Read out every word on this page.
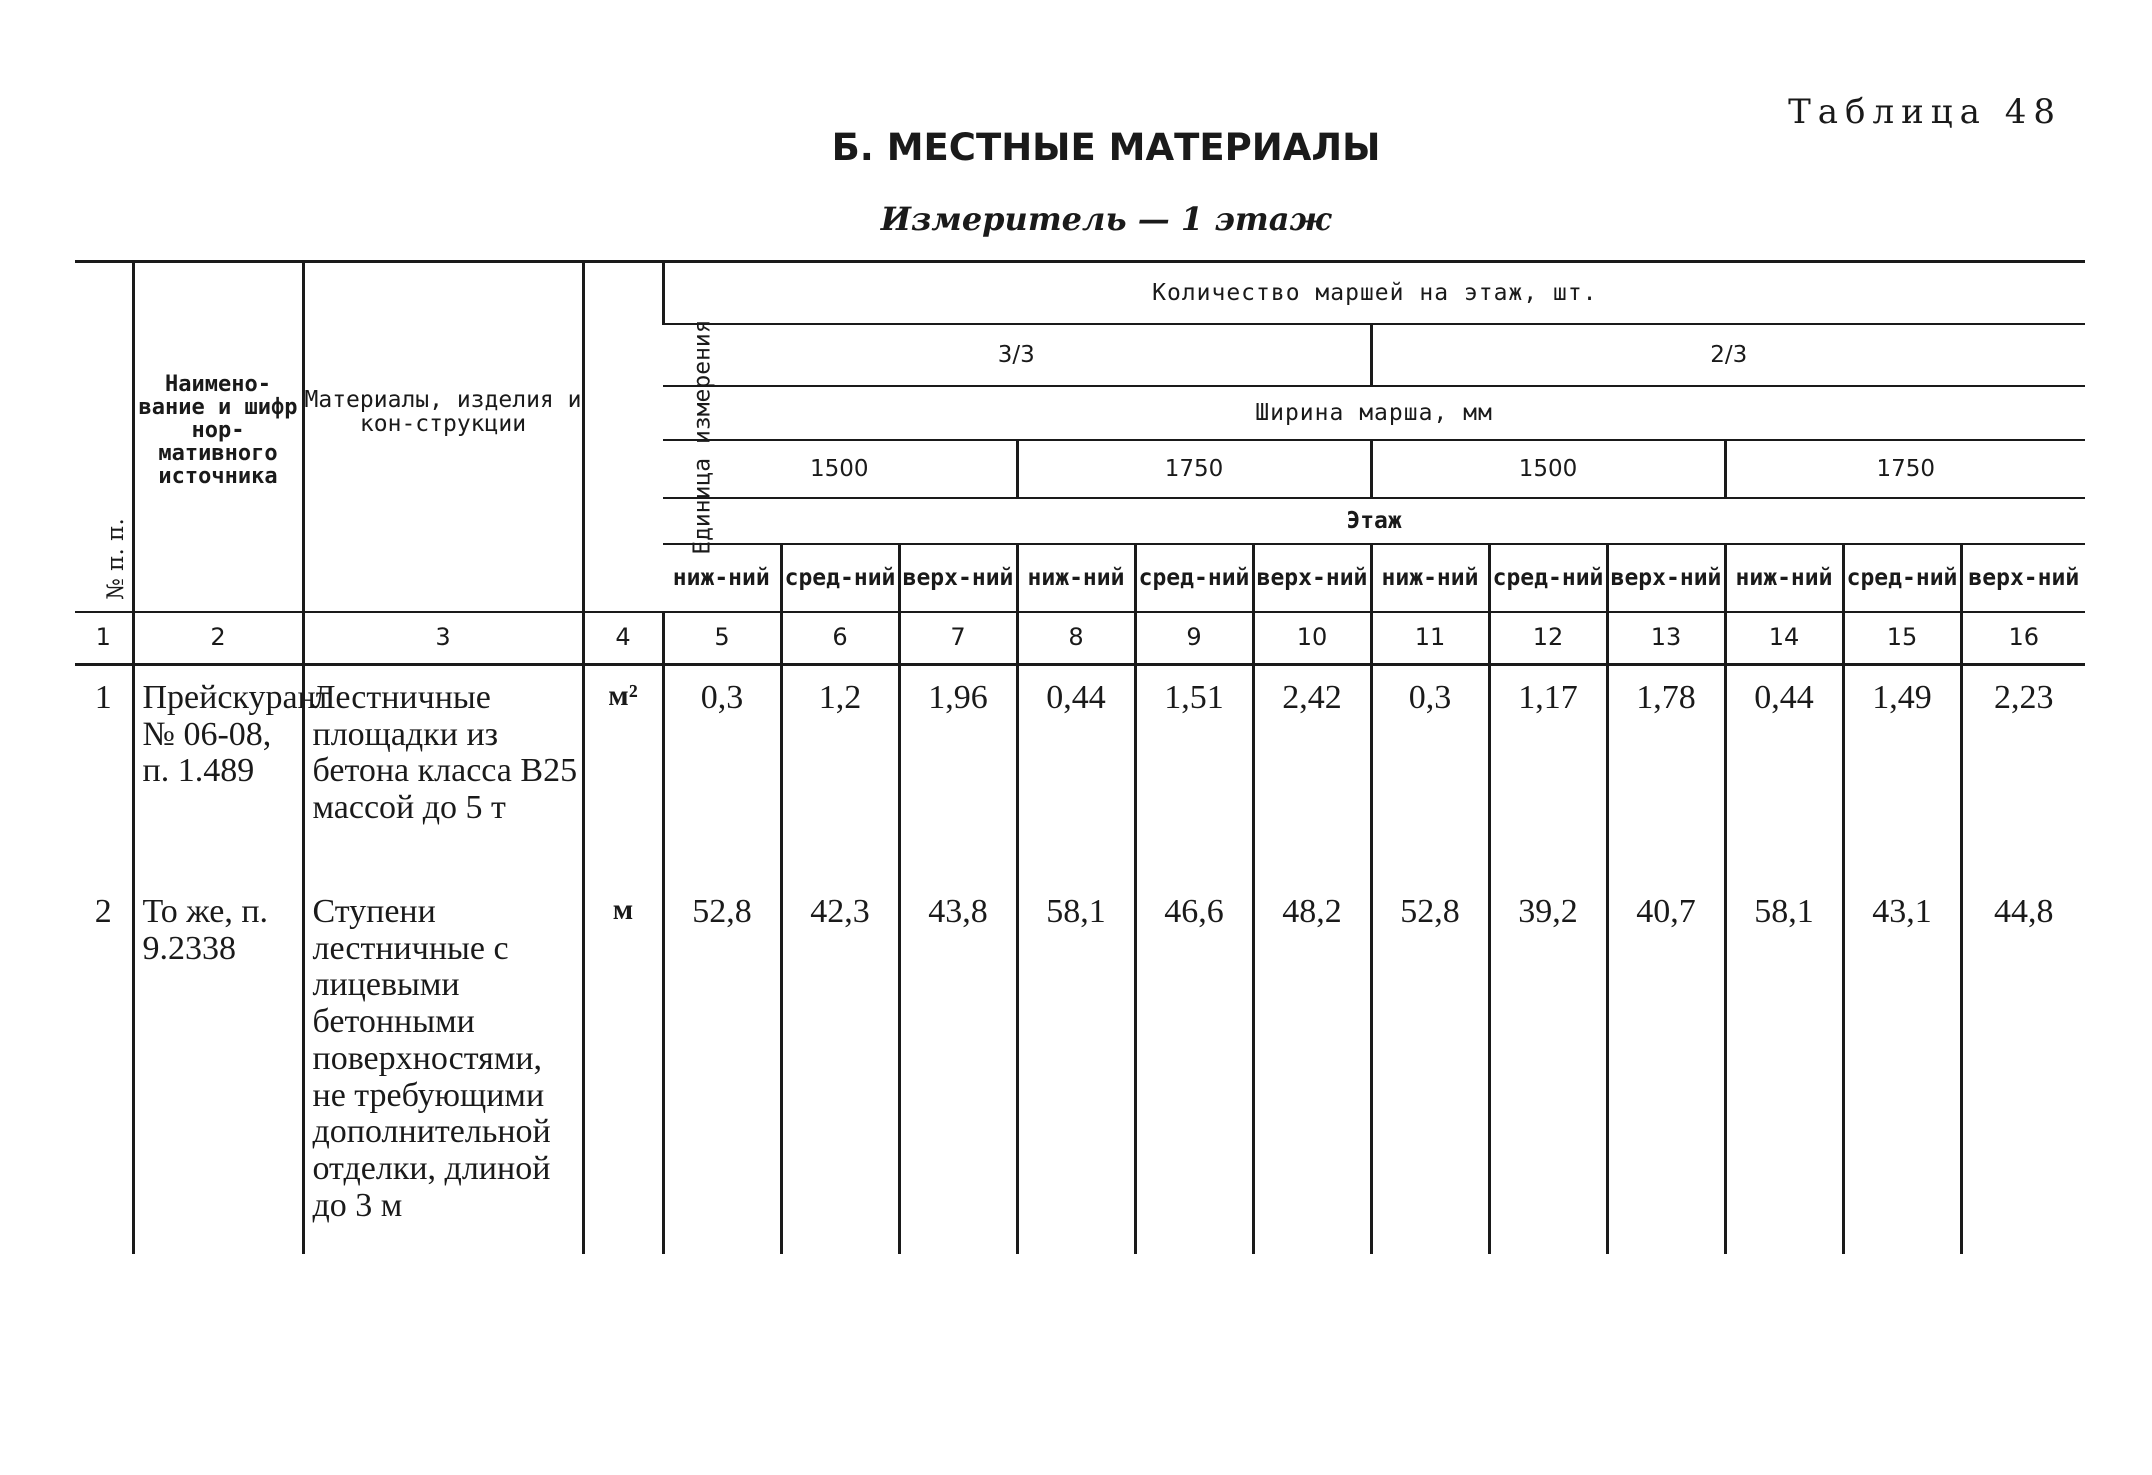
Таблица 48
Б. МЕСТНЫЕ МАТЕРИАЛЫ
Измеритель — 1 этаж
№ п. п.	Наимено-вание и шифр нор-мативного источника	Материалы, изделия и кон-струкции	Единица измерения	Количество маршей на этаж, шт.											
				3/3						2/3					
				Ширина марша, мм											
				1500			1750			1500			1750		
				Этаж											
				ниж-ний	сред-ний	верх-ний	ниж-ний	сред-ний	верх-ний	ниж-ний	сред-ний	верх-ний	ниж-ний	сред-ний	верх-ний
1	2	3	4	5	6	7	8	9	10	11	12	13	14	15	16
1	Прейскурант № 06-08, п. 1.489	Лестничные площадки из бетона класса В25 массой до 5 т	м²	0,3	1,2	1,96	0,44	1,51	2,42	0,3	1,17	1,78	0,44	1,49	2,23
2	То же, п. 9.2338	Ступени лестничные с лицевыми бетонными поверхностями, не требующими дополнительной отделки, длиной до 3 м	м	52,8	42,3	43,8	58,1	46,6	48,2	52,8	39,2	40,7	58,1	43,1	44,8
